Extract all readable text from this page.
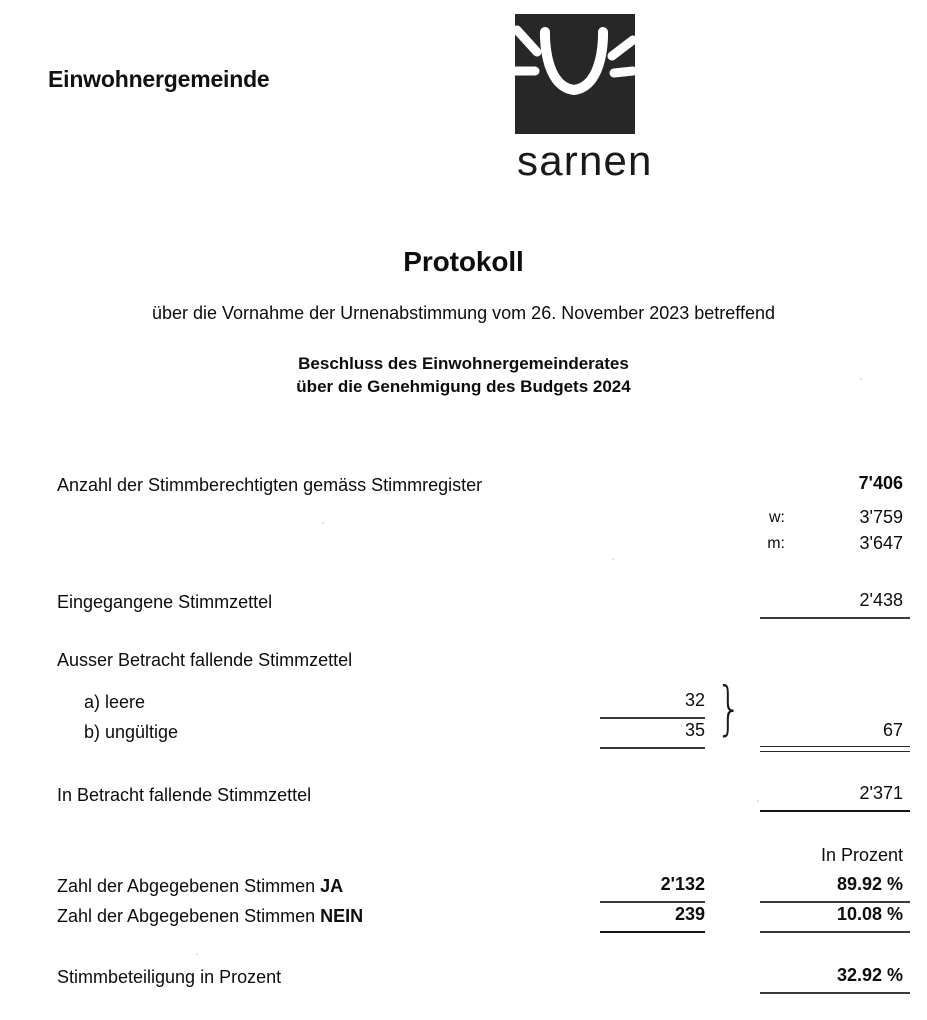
Einwohnergemeinde
sarnen
Protokoll
über die Vornahme der Urnenabstimmung vom 26. November 2023 betreffend
Beschluss des Einwohnergemeinderates
über die Genehmigung des Budgets 2024
Anzahl der Stimmberechtigten gemäss Stimmregister	7'406
w:	3'759
m:	3'647
Eingegangene Stimmzettel	2'438
Ausser Betracht fallende Stimmzettel
a) leere	32
b) ungültige	35 }	67
In Betracht fallende Stimmzettel	2'371
In Prozent
Zahl der Abgegebenen Stimmen JA	2'132	89.92 %
Zahl der Abgegebenen Stimmen NEIN	239	10.08 %
Stimmbeteiligung in Prozent	32.92 %
